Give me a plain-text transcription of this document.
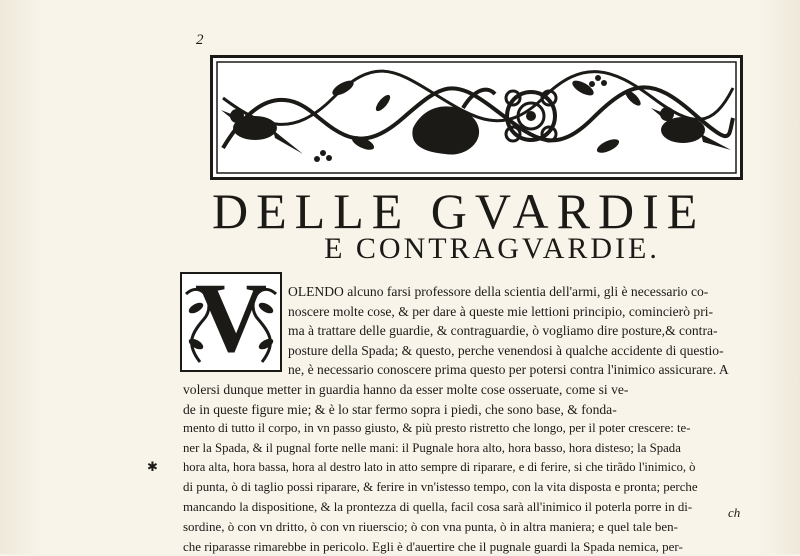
2
DELLE GVARDIE
E CONTRAGVARDIE.
V	OLENDO alcuno farsi professore della scientia dell'armi, gli è necessario co-
noscere molte cose, & per dare à queste mie lettioni principio, comincierò pri-
ma à trattare delle guardie, & contraguardie, ò vogliamo dire posture,& contra-
posture della Spada; & questo, perche venendosi à qualche accidente di questio-
ne, è necessario conoscere prima questo per potersi contra l'inimico assicurare. A
volersi dunque metter in guardia hanno da esser molte cose osseruate, come si ve-
de in queste figure mie; & è lo star fermo sopra i piedi, che sono base, & fonda-
mento di tutto il corpo, in vn passo giusto, & più presto ristretto che longo, per il poter crescere: te-
ner la Spada, & il pugnal forte nelle mani: il Pugnale hora alto, hora basso, hora disteso; la Spada
hora alta, hora bassa, hora al destro lato in atto sempre di riparare, e di ferire, si che tirãdo l'inimico, ò
di punta, ò di taglio possi riparare, & ferire in vn'istesso tempo, con la vita disposta e pronta; perche
mancando la dispositione, & la prontezza di quella, facil cosa sarà all'inimico il poterla porre in di-
sordine, ò con vn dritto, ò con vn riuerscio; ò con vna punta, ò in altra maniera; e quel tale ben-
che riparasse rimarebbe in pericolo. Egli è d'auertire che il pugnale guardi la Spada nemica, per-
✱
ch
